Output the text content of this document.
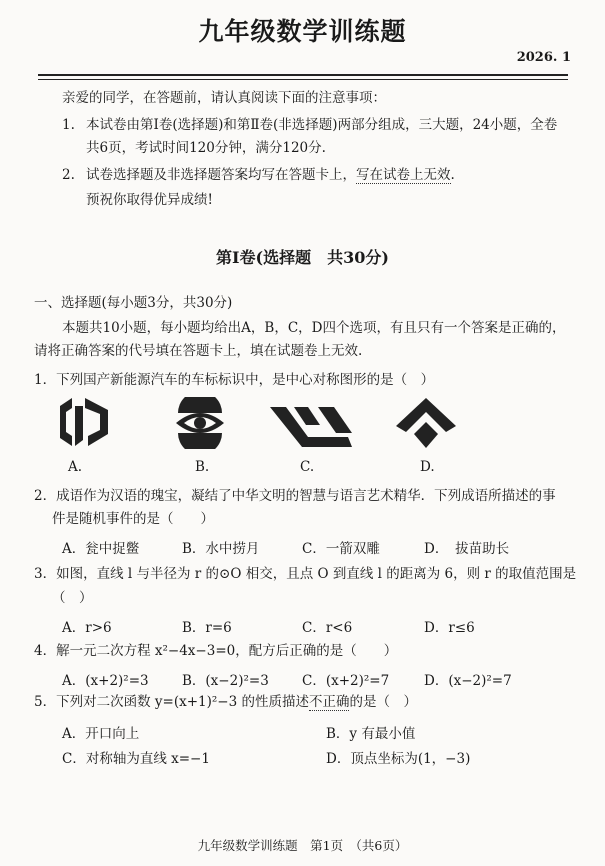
九年级数学训练题
2026. 1
亲爱的同学，在答题前，请认真阅读下面的注意事项：
1. 本试卷由第Ⅰ卷(选择题)和第Ⅱ卷(非选择题)两部分组成，三大题，24小题，全卷
共6页，考试时间120分钟，满分120分.
2. 试卷选择题及非选择题答案均写在答题卡上，写在试卷上无效.
预祝你取得优异成绩!
第Ⅰ卷(选择题　共30分)
一、选择题(每小题3分，共30分)
本题共10小题，每小题均给出A，B，C，D四个选项，有且只有一个答案是正确的，
请将正确答案的代号填在答题卡上，填在试题卷上无效.
1．下列国产新能源汽车的车标标识中，是中心对称图形的是（　）
A.	B.	C.	D.
2．成语作为汉语的瑰宝，凝结了中华文明的智慧与语言艺术精华．下列成语所描述的事
件是随机事件的是（　　）
A．瓮中捉鳖	B．水中捞月	C．一箭双雕	D．　拔苗助长
3．如图，直线 l 与半径为 r 的⊙O 相交，且点 O 到直线 l 的距离为 6，则 r 的取值范围是
（　）
A．r>6	B．r=6	C．r<6	D．r≤6
4．解一元二次方程 x²−4x−3=0，配方后正确的是（　　）
A．(x+2)²=3 B．(x−2)²=3 C．(x+2)²=7	D．(x−2)²=7
5．下列对二次函数 y=(x+1)²−3 的性质描述不正确的是（　）
A．开口向上	B．y 有最小值
C．对称轴为直线 x=−1	D．顶点坐标为(1，−3)
九年级数学训练题　第1页　（共6页）
